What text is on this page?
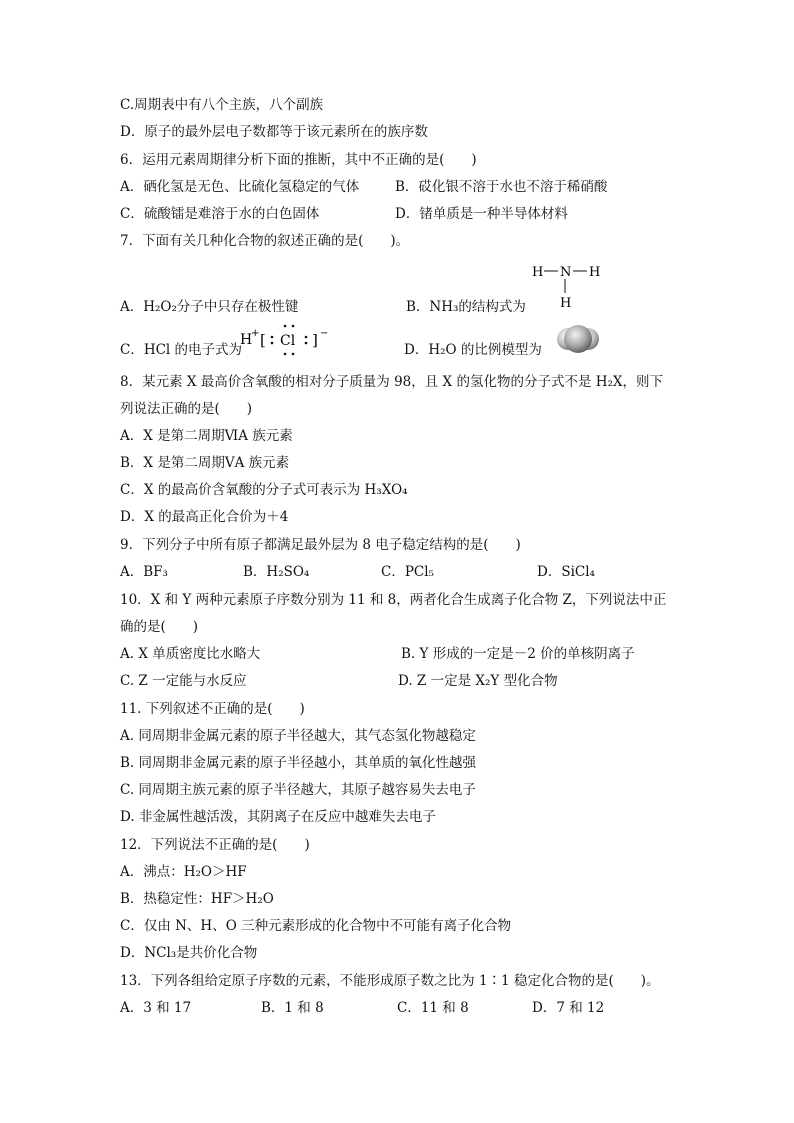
C.周期表中有八个主族，八个副族
D．原子的最外层电子数都等于该元素所在的族序数
6．运用元素周期律分析下面的推断，其中不正确的是(　　)
A．硒化氢是无色、比硫化氢稳定的气体	B．砹化银不溶于水也不溶于稀硝酸
C．硫酸镭是难溶于水的白色固体	D．锗单质是一种半导体材料
7．下面有关几种化合物的叙述正确的是(　　)。
H N H
H
A．H₂O₂分子中只存在极性键	B．NH₃的结构式为
C．HCl 的电子式为
H
+ [ Cl ] −
D．H₂O 的比例模型为
8．某元素 X 最高价含氧酸的相对分子质量为 98，且 X 的氢化物的分子式不是 H₂X，则下
列说法正确的是(　　)
A．X 是第二周期ⅥA 族元素
B．X 是第二周期ⅤA 族元素
C．X 的最高价含氧酸的分子式可表示为 H₃XO₄
D．X 的最高正化合价为＋4
9．下列分子中所有原子都满足最外层为 8 电子稳定结构的是(　　)
A．BF₃	B．H₂SO₄	C．PCl₅	D．SiCl₄
10．X 和 Y 两种元素原子序数分别为 11 和 8，两者化合生成离子化合物 Z，下列说法中正
确的是(　　)
A. X 单质密度比水略大	B. Y 形成的一定是－2 价的单核阴离子
C. Z 一定能与水反应	D. Z 一定是 X₂Y 型化合物
11. 下列叙述不正确的是(　　)
A. 同周期非金属元素的原子半径越大，其气态氢化物越稳定
B. 同周期非金属元素的原子半径越小，其单质的氧化性越强
C. 同周期主族元素的原子半径越大，其原子越容易失去电子
D. 非金属性越活泼，其阴离子在反应中越难失去电子
12．下列说法不正确的是(　　)
A．沸点：H₂O＞HF
B．热稳定性：HF＞H₂O
C．仅由 N、H、O 三种元素形成的化合物中不可能有离子化合物
D．NCl₃是共价化合物
13．下列各组给定原子序数的元素，不能形成原子数之比为 1∶1 稳定化合物的是(　　)。
A．3 和 17	B．1 和 8	C．11 和 8	D．7 和 12
